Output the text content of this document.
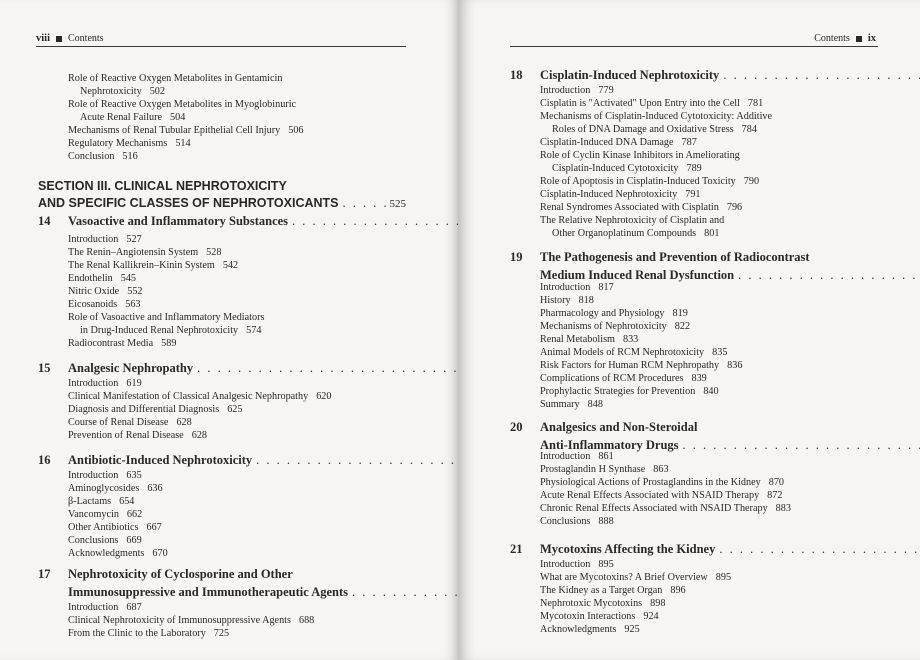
viii Contents
Role of Reactive Oxygen Metabolites in Gentamicin
Nephrotoxicity 502
Role of Reactive Oxygen Metabolites in Myoglobinuric
Acute Renal Failure 504
Mechanisms of Renal Tubular Epithelial Cell Injury 506
Regulatory Mechanisms 514
Conclusion 516
SECTION III. CLINICAL NEPHROTOXICITY
AND SPECIFIC CLASSES OF NEPHROTOXICANTS
. . .	525
14	Vasoactive and Inflammatory Substances
. . .
Introduction 527
The Renin–Angiotensin System 528
The Renal Kallikrein–Kinin System 542
Endothelin 545
Nitric Oxide 552
Eicosanoids 563
Role of Vasoactive and Inflammatory Mediators
in Drug-Induced Renal Nephrotoxicity 574
Radiocontrast Media 589
15	Analgesic Nephropathy
. . .
Introduction 619
Clinical Manifestation of Classical Analgesic Nephropathy 620
Diagnosis and Differential Diagnosis 625
Course of Renal Disease 628
Prevention of Renal Disease 628
16	Antibiotic-Induced Nephrotoxicity
. . .
Introduction 635
Aminoglycosides 636
β-Lactams 654
Vancomycin 662
Other Antibiotics 667
Conclusions 669
Acknowledgments 670
17	Nephrotoxicity of Cyclosporine and Other
Immunosuppressive and Immunotherapeutic Agents
. . .
Introduction 687
Clinical Nephrotoxicity of Immunosuppressive Agents 688
From the Clinic to the Laboratory 725
Contents ix
18	Cisplatin-Induced Nephrotoxicity
. . .
Introduction 779
Cisplatin is "Activated" Upon Entry into the Cell 781
Mechanisms of Cisplatin-Induced Cytotoxicity: Additive
Roles of DNA Damage and Oxidative Stress 784
Cisplatin-Induced DNA Damage 787
Role of Cyclin Kinase Inhibitors in Ameliorating
Cisplatin-Induced Cytotoxicity 789
Role of Apoptosis in Cisplatin-Induced Toxicity 790
Cisplatin-Induced Nephrotoxicity 791
Renal Syndromes Associated with Cisplatin 796
The Relative Nephrotoxicity of Cisplatin and
Other Organoplatinum Compounds 801
19	The Pathogenesis and Prevention of Radiocontrast
Medium Induced Renal Dysfunction
. . .
Introduction 817
History 818
Pharmacology and Physiology 819
Mechanisms of Nephrotoxicity 822
Renal Metabolism 833
Animal Models of RCM Nephrotoxicity 835
Risk Factors for Human RCM Nephropathy 836
Complications of RCM Procedures 839
Prophylactic Strategies for Prevention 840
Summary 848
20	Analgesics and Non-Steroidal
Anti-Inflammatory Drugs
. . .
Introduction 861
Prostaglandin H Synthase 863
Physiological Actions of Prostaglandins in the Kidney 870
Acute Renal Effects Associated with NSAID Therapy 872
Chronic Renal Effects Associated with NSAID Therapy 883
Conclusions 888
21	Mycotoxins Affecting the Kidney
. . .
Introduction 895
What are Mycotoxins? A Brief Overview 895
The Kidney as a Target Organ 896
Nephrotoxic Mycotoxins 898
Mycotoxin Interactions 924
Acknowledgments 925
